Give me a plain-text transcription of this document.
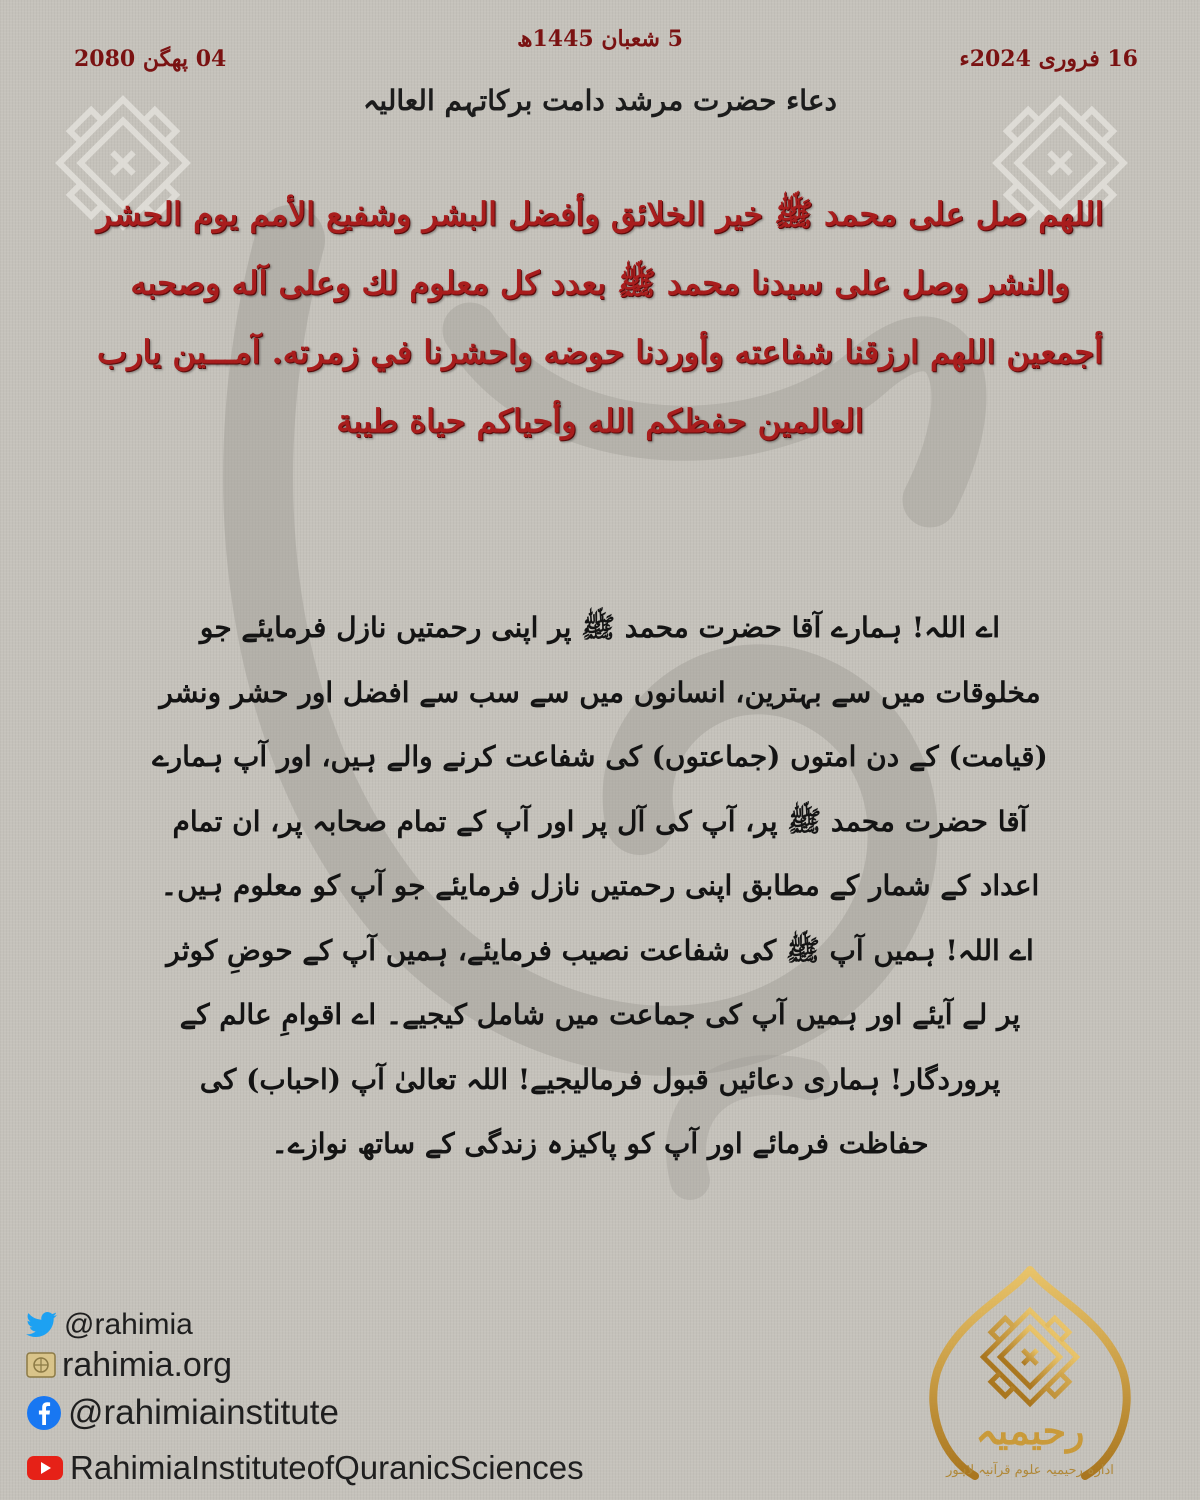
5 شعبان 1445ھ
16 فروری 2024ء
04 پھگن 2080
دعاء حضرت مرشد دامت برکاتہم العالیہ
اللهم صل على محمد ﷺ خير الخلائق وأفضل البشر وشفيع الأمم يوم الحشر والنشر وصل على سيدنا محمد ﷺ بعدد كل معلوم لك وعلى آله وصحبه أجمعين اللهم ارزقنا شفاعته وأوردنا حوضه واحشرنا في زمرته. آمـــين يارب العالمين حفظكم الله وأحياكم حياة طيبة
اے اللہ! ہمارے آقا حضرت محمد ﷺ پر اپنی رحمتیں نازل فرمایئے جو مخلوقات میں سے بہترین، انسانوں میں سے سب سے افضل اور حشر ونشر (قیامت) کے دن امتوں (جماعتوں) کی شفاعت کرنے والے ہیں، اور آپ ہمارے آقا حضرت محمد ﷺ پر، آپ کی آل پر اور آپ کے تمام صحابہ پر، ان تمام اعداد کے شمار کے مطابق اپنی رحمتیں نازل فرمایئے جو آپ کو معلوم ہیں۔ اے اللہ! ہمیں آپ ﷺ کی شفاعت نصیب فرمایئے، ہمیں آپ کے حوضِ کوثر پر لے آیئے اور ہمیں آپ کی جماعت میں شامل کیجیے۔ اے اقوامِ عالم کے پروردگار! ہماری دعائیں قبول فرمالیجیے! اللہ تعالیٰ آپ (احباب) کی حفاظت فرمائے اور آپ کو پاکیزہ زندگی کے ساتھ نوازے۔
@rahimia
rahimia.org
@rahimiainstitute
RahimiaInstituteofQuranicSciences
رحیمیہ
ادارہ رحیمیہ علوم قرآنیہ لاہور
